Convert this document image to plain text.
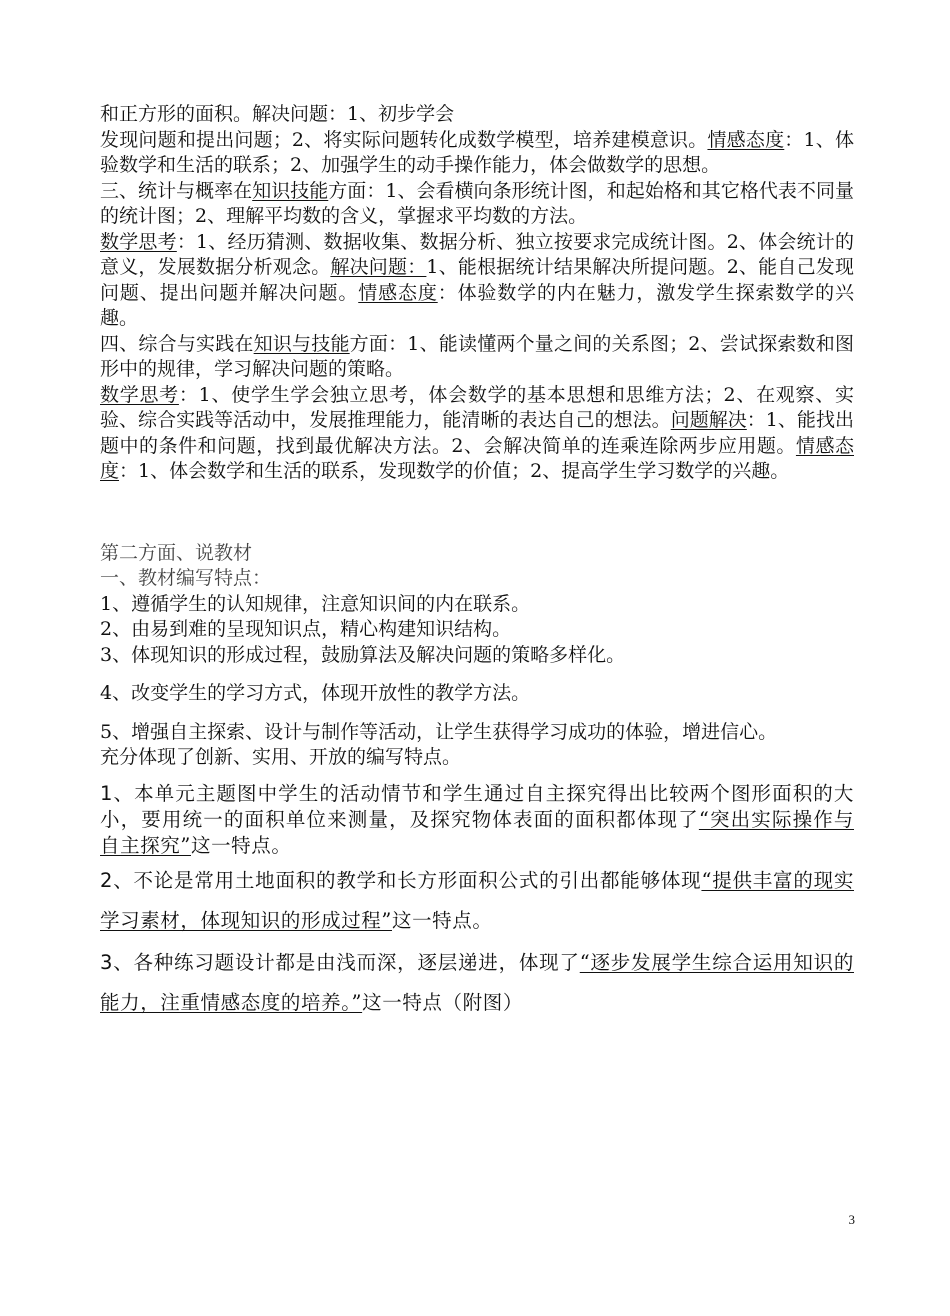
和正方形的面积。解决问题：1、初步学会
发现问题和提出问题；2、将实际问题转化成数学模型，培养建模意识。情感态度：1、体验数学和生活的联系；2、加强学生的动手操作能力，体会做数学的思想。

三、统计与概率在知识技能方面：1、会看横向条形统计图，和起始格和其它格代表不同量的统计图；2、理解平均数的含义，掌握求平均数的方法。
数学思考：1、经历猜测、数据收集、数据分析、独立按要求完成统计图。2、体会统计的意义，发展数据分析观念。解决问题：1、能根据统计结果解决所提问题。2、能自己发现问题、提出问题并解决问题。情感态度：体验数学的内在魅力，激发学生探索数学的兴趣。

四、综合与实践在知识与技能方面：1、能读懂两个量之间的关系图；2、尝试探索数和图形中的规律，学习解决问题的策略。
数学思考：1、使学生学会独立思考，体会数学的基本思想和思维方法；2、在观察、实验、综合实践等活动中，发展推理能力，能清晰的表达自己的想法。问题解决：1、能找出题中的条件和问题，找到最优解决方法。2、会解决简单的连乘连除两步应用题。情感态度：1、体会数学和生活的联系，发现数学的价值；2、提高学生学习数学的兴趣。

第二方面、说教材

一、教材编写特点：

1、遵循学生的认知规律，注意知识间的内在联系。

2、由易到难的呈现知识点，精心构建知识结构。

3、体现知识的形成过程，鼓励算法及解决问题的策略多样化。

4、改变学生的学习方式，体现开放性的教学方法。

5、增强自主探索、设计与制作等活动，让学生获得学习成功的体验，增进信心。

充分体现了创新、实用、开放的编写特点。

1、本单元主题图中学生的活动情节和学生通过自主探究得出比较两个图形面积的大小，要用统一的面积单位来测量，及探究物体表面的面积都体现了“突出实际操作与自主探究”这一特点。

2、不论是常用土地面积的教学和长方形面积公式的引出都能够体现“提供丰富的现实学习素材，体现知识的形成过程”这一特点。

3、各种练习题设计都是由浅而深，逐层递进，体现了“逐步发展学生综合运用知识的能力，注重情感态度的培养。”这一特点（附图）

3
